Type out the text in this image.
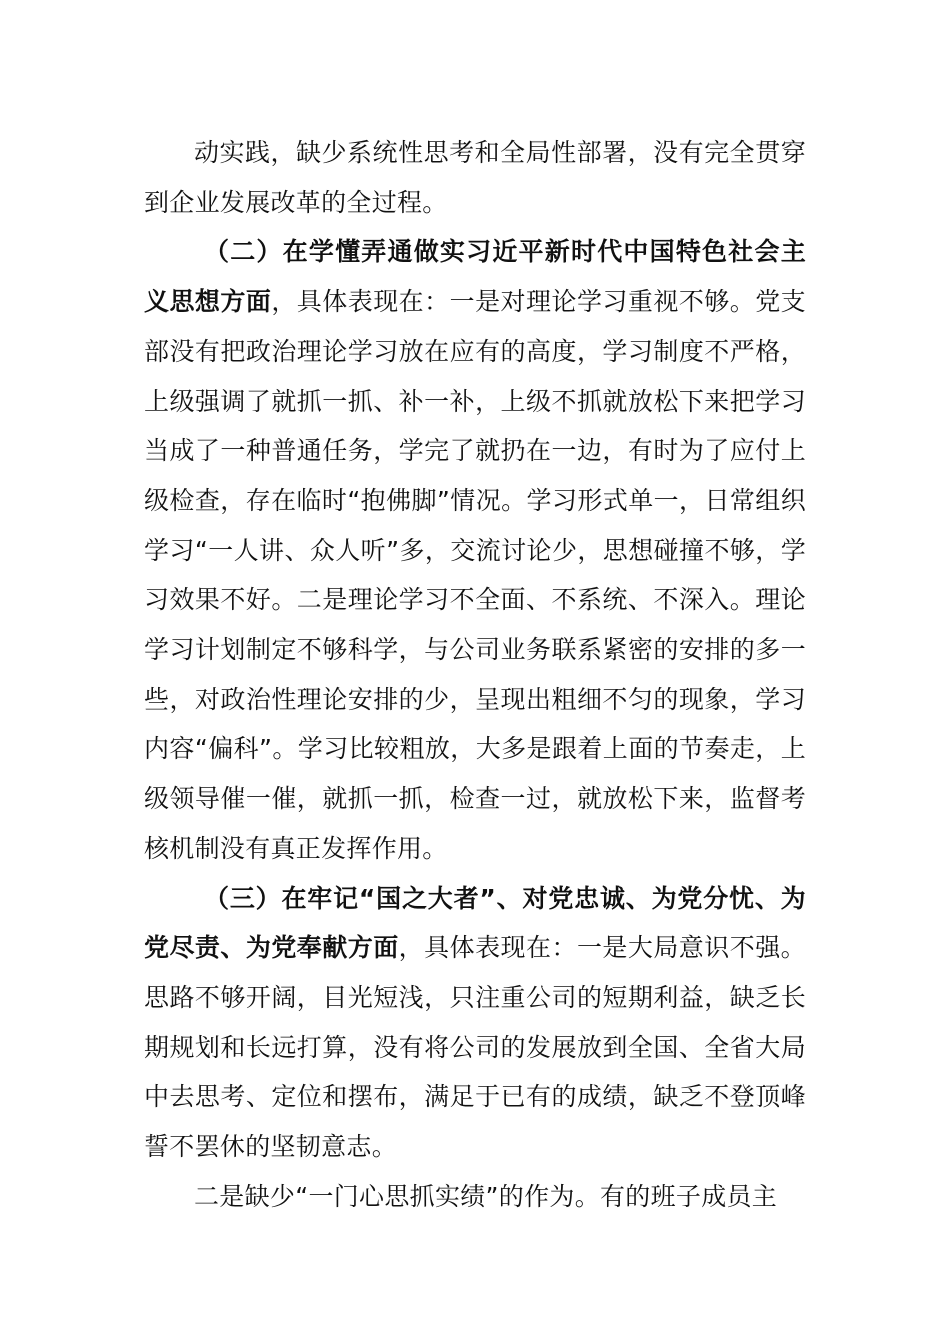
动实践，缺少系统性思考和全局性部署，没有完全贯穿到企业发展改革的全过程。

（二）在学懂弄通做实习近平新时代中国特色社会主义思想方面，具体表现在：一是对理论学习重视不够。党支部没有把政治理论学习放在应有的高度，学习制度不严格，上级强调了就抓一抓、补一补，上级不抓就放松下来把学习当成了一种普通任务，学完了就扔在一边，有时为了应付上级检查，存在临时“抱佛脚”情况。学习形式单一，日常组织学习“一人讲、众人听”多，交流讨论少，思想碰撞不够，学习效果不好。二是理论学习不全面、不系统、不深入。理论学习计划制定不够科学，与公司业务联系紧密的安排的多一些，对政治性理论安排的少，呈现出粗细不匀的现象，学习内容“偏科”。学习比较粗放，大多是跟着上面的节奏走，上级领导催一催，就抓一抓，检查一过，就放松下来，监督考核机制没有真正发挥作用。

（三）在牢记“国之大者”、对党忠诚、为党分忧、为党尽责、为党奉献方面，具体表现在：一是大局意识不强。思路不够开阔，目光短浅，只注重公司的短期利益，缺乏长期规划和长远打算，没有将公司的发展放到全国、全省大局中去思考、定位和摆布，满足于已有的成绩，缺乏不登顶峰誓不罢休的坚韧意志。

二是缺少“一门心思抓实绩”的作为。有的班子成员主
